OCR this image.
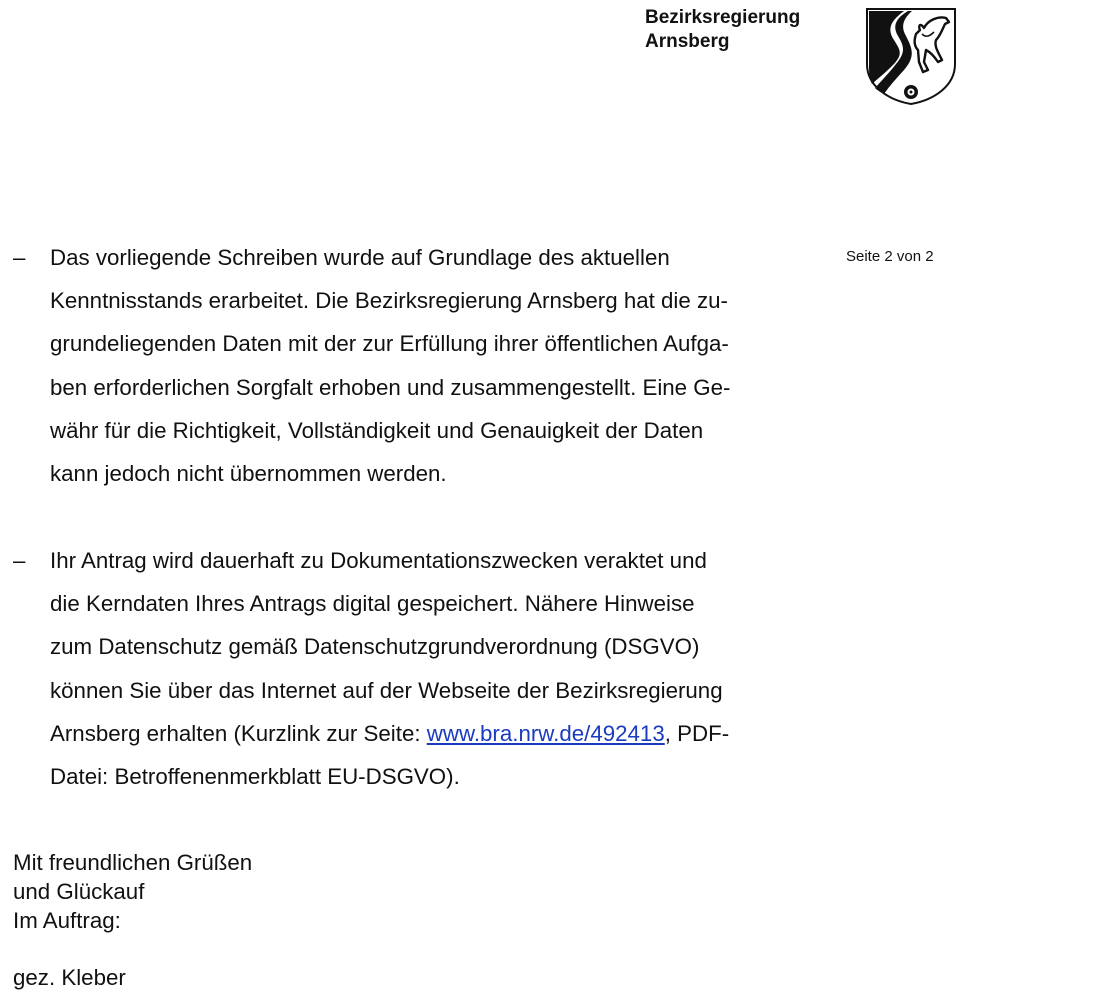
Bezirksregierung
Arnsberg
Seite 2 von 2
–	Das vorliegende Schreiben wurde auf Grundlage des aktuellen
Kenntnisstands erarbeitet. Die Bezirksregierung Arnsberg hat die zu-
grundeliegenden Daten mit der zur Erfüllung ihrer öffentlichen Aufga-
ben erforderlichen Sorgfalt erhoben und zusammengestellt. Eine Ge-
währ für die Richtigkeit, Vollständigkeit und Genauigkeit der Daten
kann jedoch nicht übernommen werden.
–	Ihr Antrag wird dauerhaft zu Dokumentationszwecken veraktet und
die Kerndaten Ihres Antrags digital gespeichert. Nähere Hinweise
zum Datenschutz gemäß Datenschutzgrundverordnung (DSGVO)
können Sie über das Internet auf der Webseite der Bezirksregierung
Arnsberg erhalten (Kurzlink zur Seite: www.bra.nrw.de/492413, PDF-
Datei: Betroffenenmerkblatt EU-DSGVO).
Mit freundlichen Grüßen
und Glückauf
Im Auftrag:
gez. Kleber
